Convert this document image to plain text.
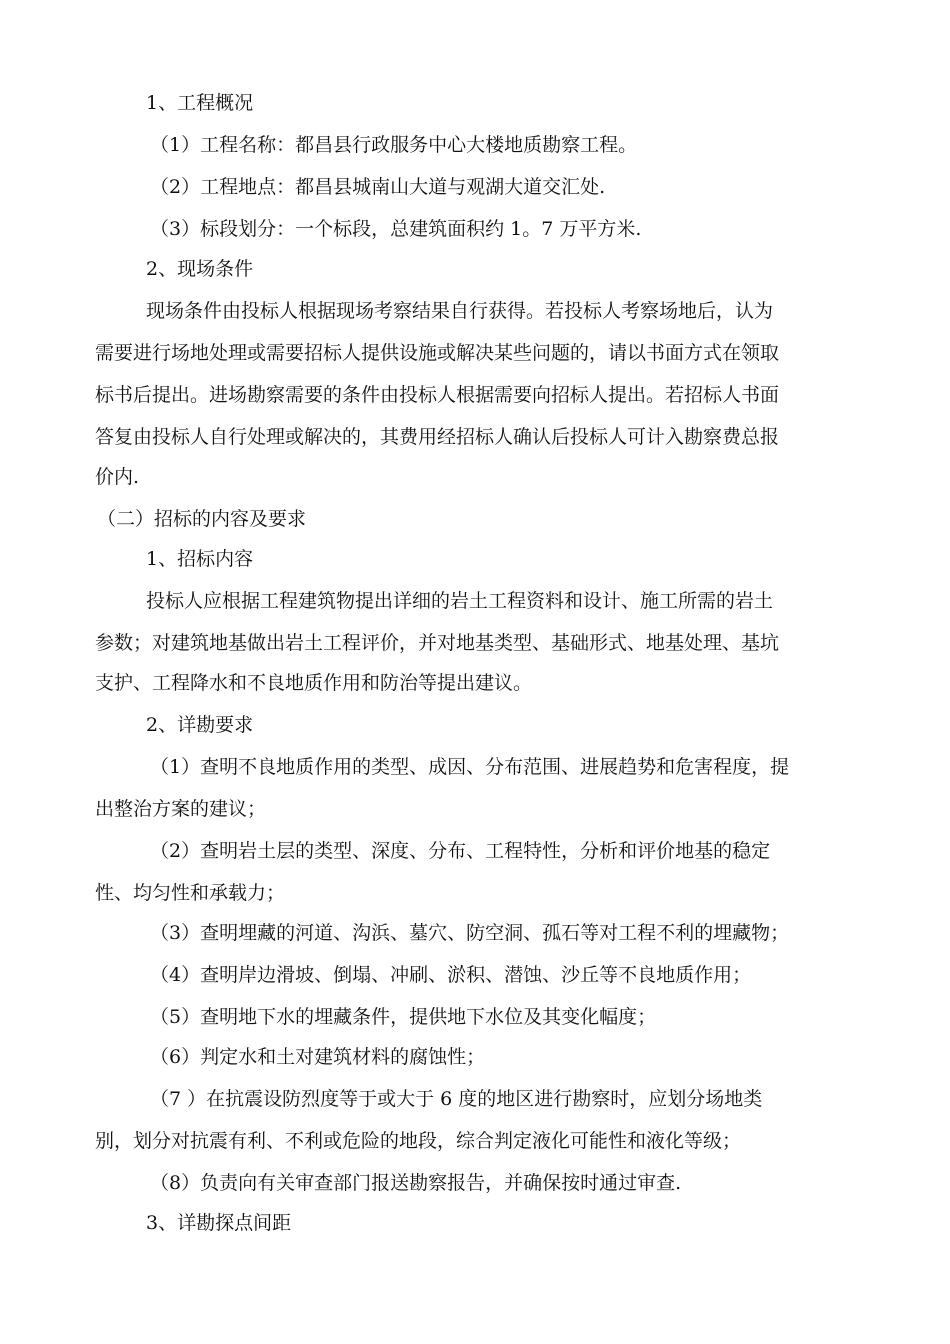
1、工程概况
（1）工程名称：都昌县行政服务中心大楼地质勘察工程。
（2）工程地点：都昌县城南山大道与观湖大道交汇处.
（3）标段划分：一个标段，总建筑面积约 1。7 万平方米.
2、现场条件
现场条件由投标人根据现场考察结果自行获得。若投标人考察场地后，认为
需要进行场地处理或需要招标人提供设施或解决某些问题的，请以书面方式在领取
标书后提出。进场勘察需要的条件由投标人根据需要向招标人提出。若招标人书面
答复由投标人自行处理或解决的，其费用经招标人确认后投标人可计入勘察费总报
价内.
（二）招标的内容及要求
1、招标内容
投标人应根据工程建筑物提出详细的岩土工程资料和设计、施工所需的岩土
参数；对建筑地基做出岩土工程评价，并对地基类型、基础形式、地基处理、基坑
支护、工程降水和不良地质作用和防治等提出建议。
2、详勘要求
（1）查明不良地质作用的类型、成因、分布范围、进展趋势和危害程度，提
出整治方案的建议；
（2）查明岩土层的类型、深度、分布、工程特性，分析和评价地基的稳定
性、均匀性和承载力；
（3）查明埋藏的河道、沟浜、墓穴、防空洞、孤石等对工程不利的埋藏物；
（4）查明岸边滑坡、倒塌、冲刷、淤积、潜蚀、沙丘等不良地质作用；
（5）查明地下水的埋藏条件，提供地下水位及其变化幅度；
（6）判定水和土对建筑材料的腐蚀性；
（7 ）在抗震设防烈度等于或大于 6 度的地区进行勘察时，应划分场地类
别，划分对抗震有利、不利或危险的地段，综合判定液化可能性和液化等级；
（8）负责向有关审查部门报送勘察报告，并确保按时通过审查.
3、详勘探点间距
